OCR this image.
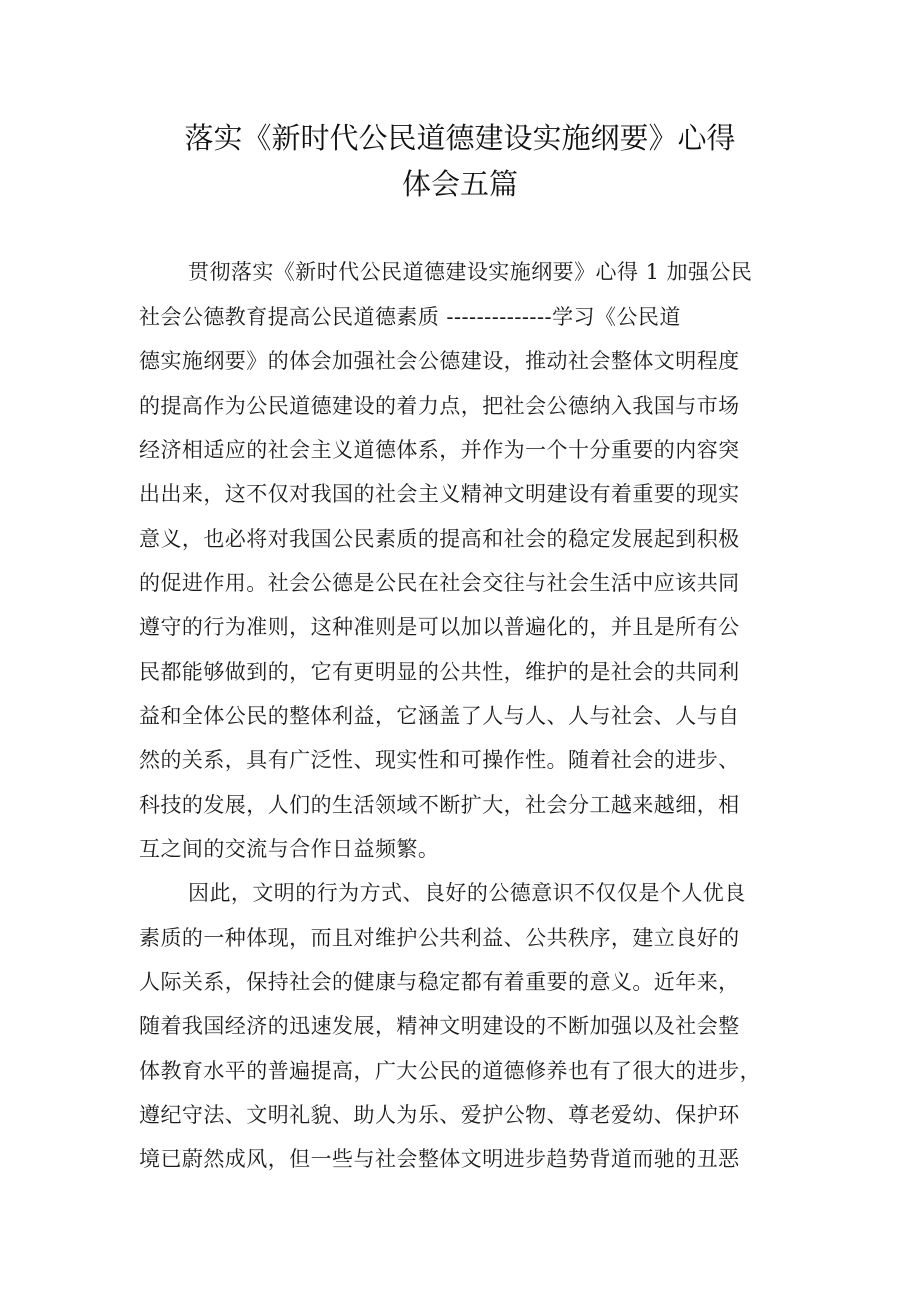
落实《新时代公民道德建设实施纲要》心得
体会五篇
贯彻落实《新时代公民道德建设实施纲要》心得 1 加强公民
社会公德教育提高公民道德素质 --------------学习《公民道
德实施纲要》的体会加强社会公德建设，推动社会整体文明程度
的提高作为公民道德建设的着力点，把社会公德纳入我国与市场
经济相适应的社会主义道德体系，并作为一个十分重要的内容突
出出来，这不仅对我国的社会主义精神文明建设有着重要的现实
意义，也必将对我国公民素质的提高和社会的稳定发展起到积极
的促进作用。社会公德是公民在社会交往与社会生活中应该共同
遵守的行为准则，这种准则是可以加以普遍化的，并且是所有公
民都能够做到的，它有更明显的公共性，维护的是社会的共同利
益和全体公民的整体利益，它涵盖了人与人、人与社会、人与自
然的关系，具有广泛性、现实性和可操作性。随着社会的进步、
科技的发展，人们的生活领域不断扩大，社会分工越来越细，相
互之间的交流与合作日益频繁。
因此，文明的行为方式、良好的公德意识不仅仅是个人优良
素质的一种体现，而且对维护公共利益、公共秩序，建立良好的
人际关系，保持社会的健康与稳定都有着重要的意义。近年来，
随着我国经济的迅速发展，精神文明建设的不断加强以及社会整
体教育水平的普遍提高，广大公民的道德修养也有了很大的进步，
遵纪守法、文明礼貌、助人为乐、爱护公物、尊老爱幼、保护环
境已蔚然成风，但一些与社会整体文明进步趋势背道而驰的丑恶
